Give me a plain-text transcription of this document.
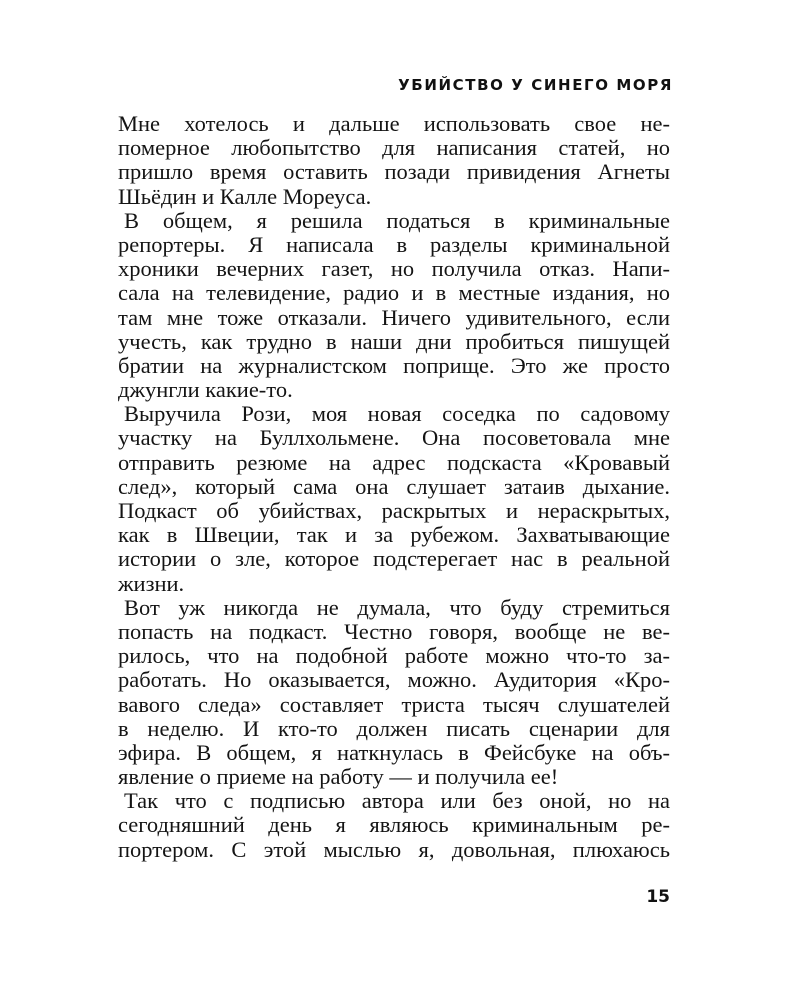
УБИЙСТВО У СИНЕГО МОРЯ
Мне хотелось и дальше использовать свое не-
померное любопытство для написания статей, но
пришло время оставить позади привидения Агнеты
Шьёдин и Калле Мореуса.
В общем, я решила податься в криминальные
репортеры. Я написала в разделы криминальной
хроники вечерних газет, но получила отказ. Напи-
сала на телевидение, радио и в местные издания, но
там мне тоже отказали. Ничего удивительного, если
учесть, как трудно в наши дни пробиться пишущей
братии на журналистском поприще. Это же просто
джунгли какие-то.
Выручила Рози, моя новая соседка по садовому
участку на Буллхольмене. Она посоветовала мне
отправить резюме на адрес подскаста «Кровавый
след», который сама она слушает затаив дыхание.
Подкаст об убийствах, раскрытых и нераскрытых,
как в Швеции, так и за рубежом. Захватывающие
истории о зле, которое подстерегает нас в реальной
жизни.
Вот уж никогда не думала, что буду стремиться
попасть на подкаст. Честно говоря, вообще не ве-
рилось, что на подобной работе можно что-то за-
работать. Но оказывается, можно. Аудитория «Кро-
вавого следа» составляет триста тысяч слушателей
в неделю. И кто-то должен писать сценарии для
эфира. В общем, я наткнулась в Фейсбуке на объ-
явление о приеме на работу — и получила ее!
Так что с подписью автора или без оной, но на
сегодняшний день я являюсь криминальным ре-
портером. С этой мыслью я, довольная, плюхаюсь
15
